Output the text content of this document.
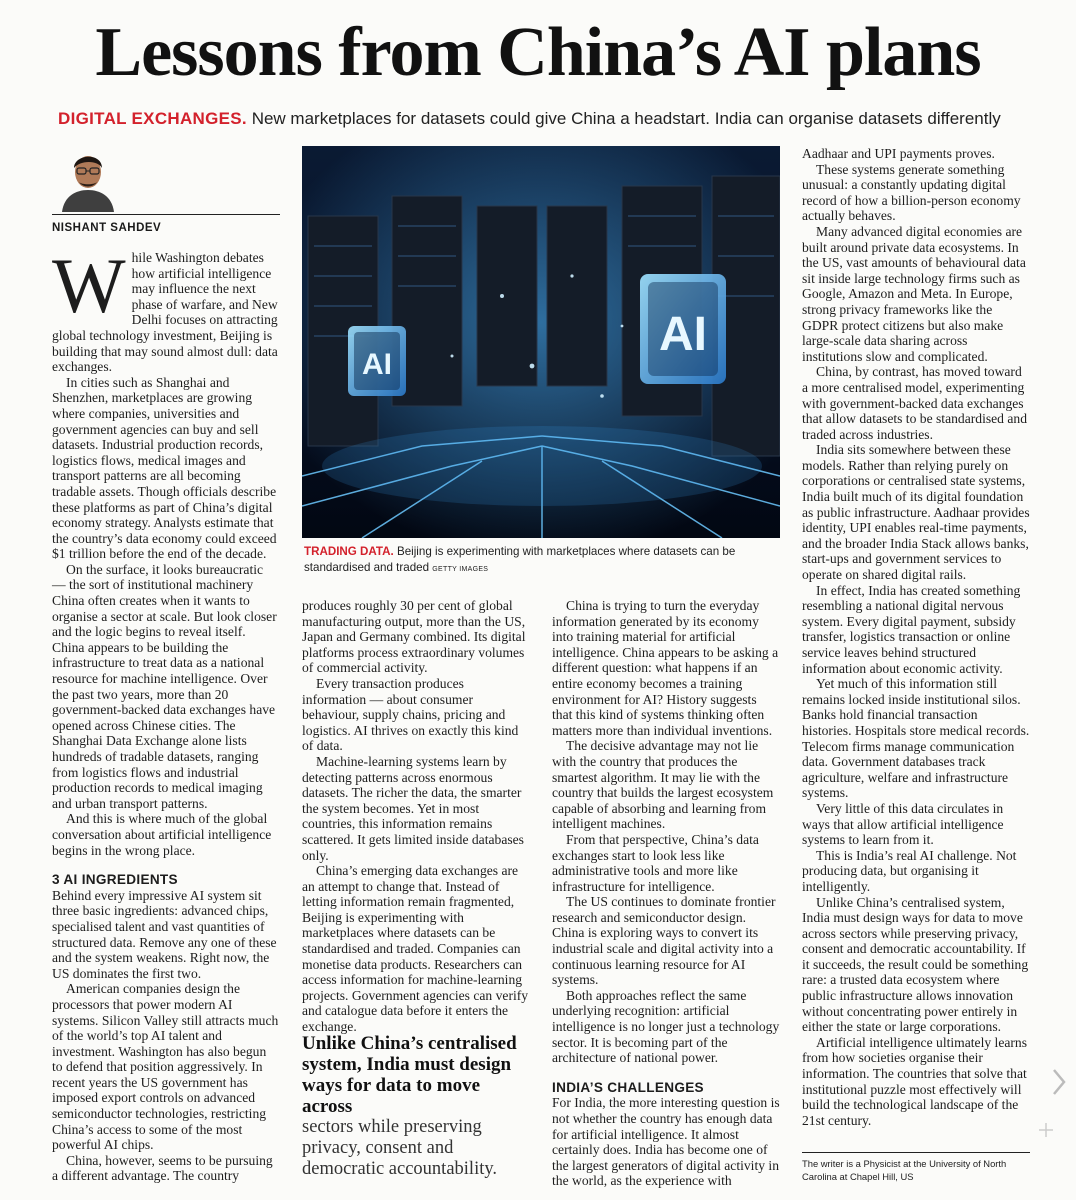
Lessons from China’s AI plans
DIGITAL EXCHANGES. New marketplaces for datasets could give China a headstart. India can organise datasets differently
NISHANT SAHDEV

While Washington debates how artificial intelligence may influence the next phase of warfare, and New Delhi focuses on attracting global technology investment, Beijing is building that may sound almost dull: data exchanges.

In cities such as Shanghai and Shenzhen, marketplaces are growing where companies, universities and government agencies can buy and sell datasets. Industrial production records, logistics flows, medical images and transport patterns are all becoming tradable assets. Though officials describe these platforms as part of China’s digital economy strategy. Analysts estimate that the country’s data economy could exceed $1 trillion before the end of the decade.

On the surface, it looks bureaucratic — the sort of institutional machinery China often creates when it wants to organise a sector at scale. But look closer and the logic begins to reveal itself. China appears to be building the infrastructure to treat data as a national resource for machine intelligence. Over the past two years, more than 20 government-backed data exchanges have opened across Chinese cities. The Shanghai Data Exchange alone lists hundreds of tradable datasets, ranging from logistics flows and industrial production records to medical imaging and urban transport patterns.

And this is where much of the global conversation about artificial intelligence begins in the wrong place.

3 AI INGREDIENTS

Behind every impressive AI system sit three basic ingredients: advanced chips, specialised talent and vast quantities of structured data. Remove any one of these and the system weakens. Right now, the US dominates the first two.

American companies design the processors that power modern AI systems. Silicon Valley still attracts much of the world’s top AI talent and investment. Washington has also begun to defend that position aggressively. In recent years the US government has imposed export controls on advanced semiconductor technologies, restricting China’s access to some of the most powerful AI chips.

China, however, seems to be pursuing a different advantage. The country

AI
AI
TRADING DATA. Beijing is experimenting with marketplaces where datasets can be standardised and traded GETTY IMAGES

produces roughly 30 per cent of global manufacturing output, more than the US, Japan and Germany combined. Its digital platforms process extraordinary volumes of commercial activity.

Every transaction produces information — about consumer behaviour, supply chains, pricing and logistics. AI thrives on exactly this kind of data.

Machine-learning systems learn by detecting patterns across enormous datasets. The richer the data, the smarter the system becomes. Yet in most countries, this information remains scattered. It gets limited inside databases only.

China’s emerging data exchanges are an attempt to change that. Instead of letting information remain fragmented, Beijing is experimenting with marketplaces where datasets can be standardised and traded. Companies can monetise data products. Researchers can access information for machine-learning projects. Government agencies can verify and catalogue data before it enters the exchange.

Unlike China’s centralised system, India must design ways for data to move across
sectors while preserving privacy, consent and democratic accountability.

China is trying to turn the everyday information generated by its economy into training material for artificial intelligence. China appears to be asking a different question: what happens if an entire economy becomes a training environment for AI? History suggests that this kind of systems thinking often matters more than individual inventions.

The decisive advantage may not lie with the country that produces the smartest algorithm. It may lie with the country that builds the largest ecosystem capable of absorbing and learning from intelligent machines.

From that perspective, China’s data exchanges start to look less like administrative tools and more like infrastructure for intelligence.

The US continues to dominate frontier research and semiconductor design. China is exploring ways to convert its industrial scale and digital activity into a continuous learning resource for AI systems.

Both approaches reflect the same underlying recognition: artificial intelligence is no longer just a technology sector. It is becoming part of the architecture of national power.

INDIA’S CHALLENGES

For India, the more interesting question is not whether the country has enough data for artificial intelligence. It almost certainly does. India has become one of the largest generators of digital activity in the world, as the experience with

Aadhaar and UPI payments proves.

These systems generate something unusual: a constantly updating digital record of how a billion-person economy actually behaves.

Many advanced digital economies are built around private data ecosystems. In the US, vast amounts of behavioural data sit inside large technology firms such as Google, Amazon and Meta. In Europe, strong privacy frameworks like the GDPR protect citizens but also make large-scale data sharing across institutions slow and complicated.

China, by contrast, has moved toward a more centralised model, experimenting with government-backed data exchanges that allow datasets to be standardised and traded across industries.

India sits somewhere between these models. Rather than relying purely on corporations or centralised state systems, India built much of its digital foundation as public infrastructure. Aadhaar provides identity, UPI enables real-time payments, and the broader India Stack allows banks, start-ups and government services to operate on shared digital rails.

In effect, India has created something resembling a national digital nervous system. Every digital payment, subsidy transfer, logistics transaction or online service leaves behind structured information about economic activity.

Yet much of this information still remains locked inside institutional silos. Banks hold financial transaction histories. Hospitals store medical records. Telecom firms manage communication data. Government databases track agriculture, welfare and infrastructure systems.

Very little of this data circulates in ways that allow artificial intelligence systems to learn from it.

This is India’s real AI challenge. Not producing data, but organising it intelligently.

Unlike China’s centralised system, India must design ways for data to move across sectors while preserving privacy, consent and democratic accountability. If it succeeds, the result could be something rare: a trusted data ecosystem where public infrastructure allows innovation without concentrating power entirely in either the state or large corporations.

Artificial intelligence ultimately learns from how societies organise their information. The countries that solve that institutional puzzle most effectively will build the technological landscape of the 21st century.

The writer is a Physicist at the University of North Carolina at Chapel Hill, US
